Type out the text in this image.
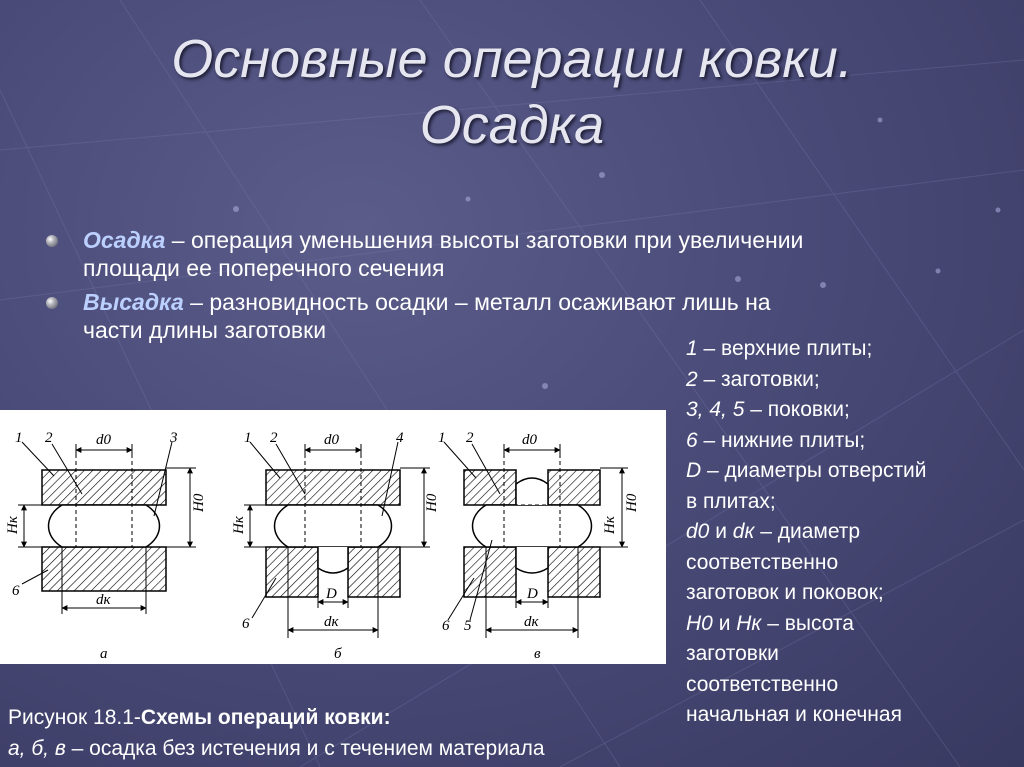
Основные операции ковки.
Осадка
Осадка – операция уменьшения высоты заготовки при увеличении
площади ее поперечного сечения
Высадка – разновидность осадки – металл осаживают лишь на
части длины заготовки
1 – верхние плиты;
2 – заготовки;
3, 4, 5 – поковки;
6 – нижние плиты;
D – диаметры отверстий
в плитах;
d0 и dк – диаметр
соответственно
заготовок и поковок;
H0 и Hк – высота
заготовки
соответственно
начальная и конечная
d0
dк
H0
Hк
1 2	3
6
а
d0
D
dк
H0
Hк
1 2	4
6
б
d0
D
dк
H0
Hк
1 2
6 5
в
Рисунок 18.1-Схемы операций ковки:
а, б, в – осадка без истечения и с течением материала
